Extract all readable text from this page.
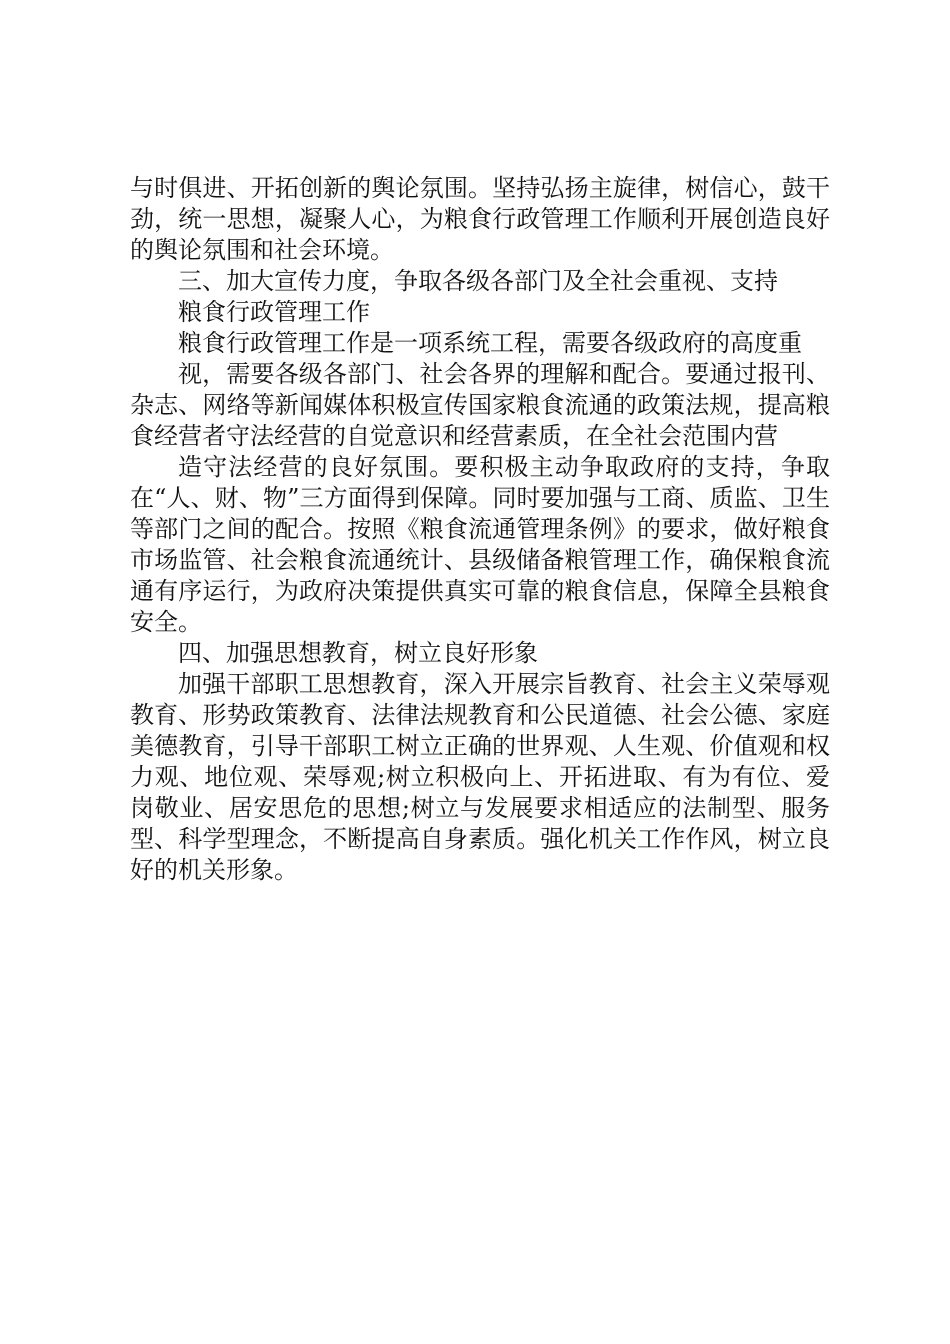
与时俱进、开拓创新的舆论氛围。坚持弘扬主旋律，树信心，鼓干劲，统一思想，凝聚人心，为粮食行政管理工作顺利开展创造良好的舆论氛围和社会环境。

三、加大宣传力度，争取各级各部门及全社会重视、支持

粮食行政管理工作

粮食行政管理工作是一项系统工程，需要各级政府的高度重

视，需要各级各部门、社会各界的理解和配合。要通过报刊、杂志、网络等新闻媒体积极宣传国家粮食流通的政策法规，提高粮食经营者守法经营的自觉意识和经营素质，在全社会范围内营

造守法经营的良好氛围。要积极主动争取政府的支持，争取在“人、财、物”三方面得到保障。同时要加强与工商、质监、卫生等部门之间的配合。按照《粮食流通管理条例》的要求，做好粮食市场监管、社会粮食流通统计、县级储备粮管理工作，确保粮食流通有序运行，为政府决策提供真实可靠的粮食信息，保障全县粮食安全。

四、加强思想教育，树立良好形象

加强干部职工思想教育，深入开展宗旨教育、社会主义荣辱观教育、形势政策教育、法律法规教育和公民道德、社会公德、家庭美德教育，引导干部职工树立正确的世界观、人生观、价值观和权力观、地位观、荣辱观;树立积极向上、开拓进取、有为有位、爱岗敬业、居安思危的思想;树立与发展要求相适应的法制型、服务型、科学型理念，不断提高自身素质。强化机关工作作风，树立良好的机关形象。
